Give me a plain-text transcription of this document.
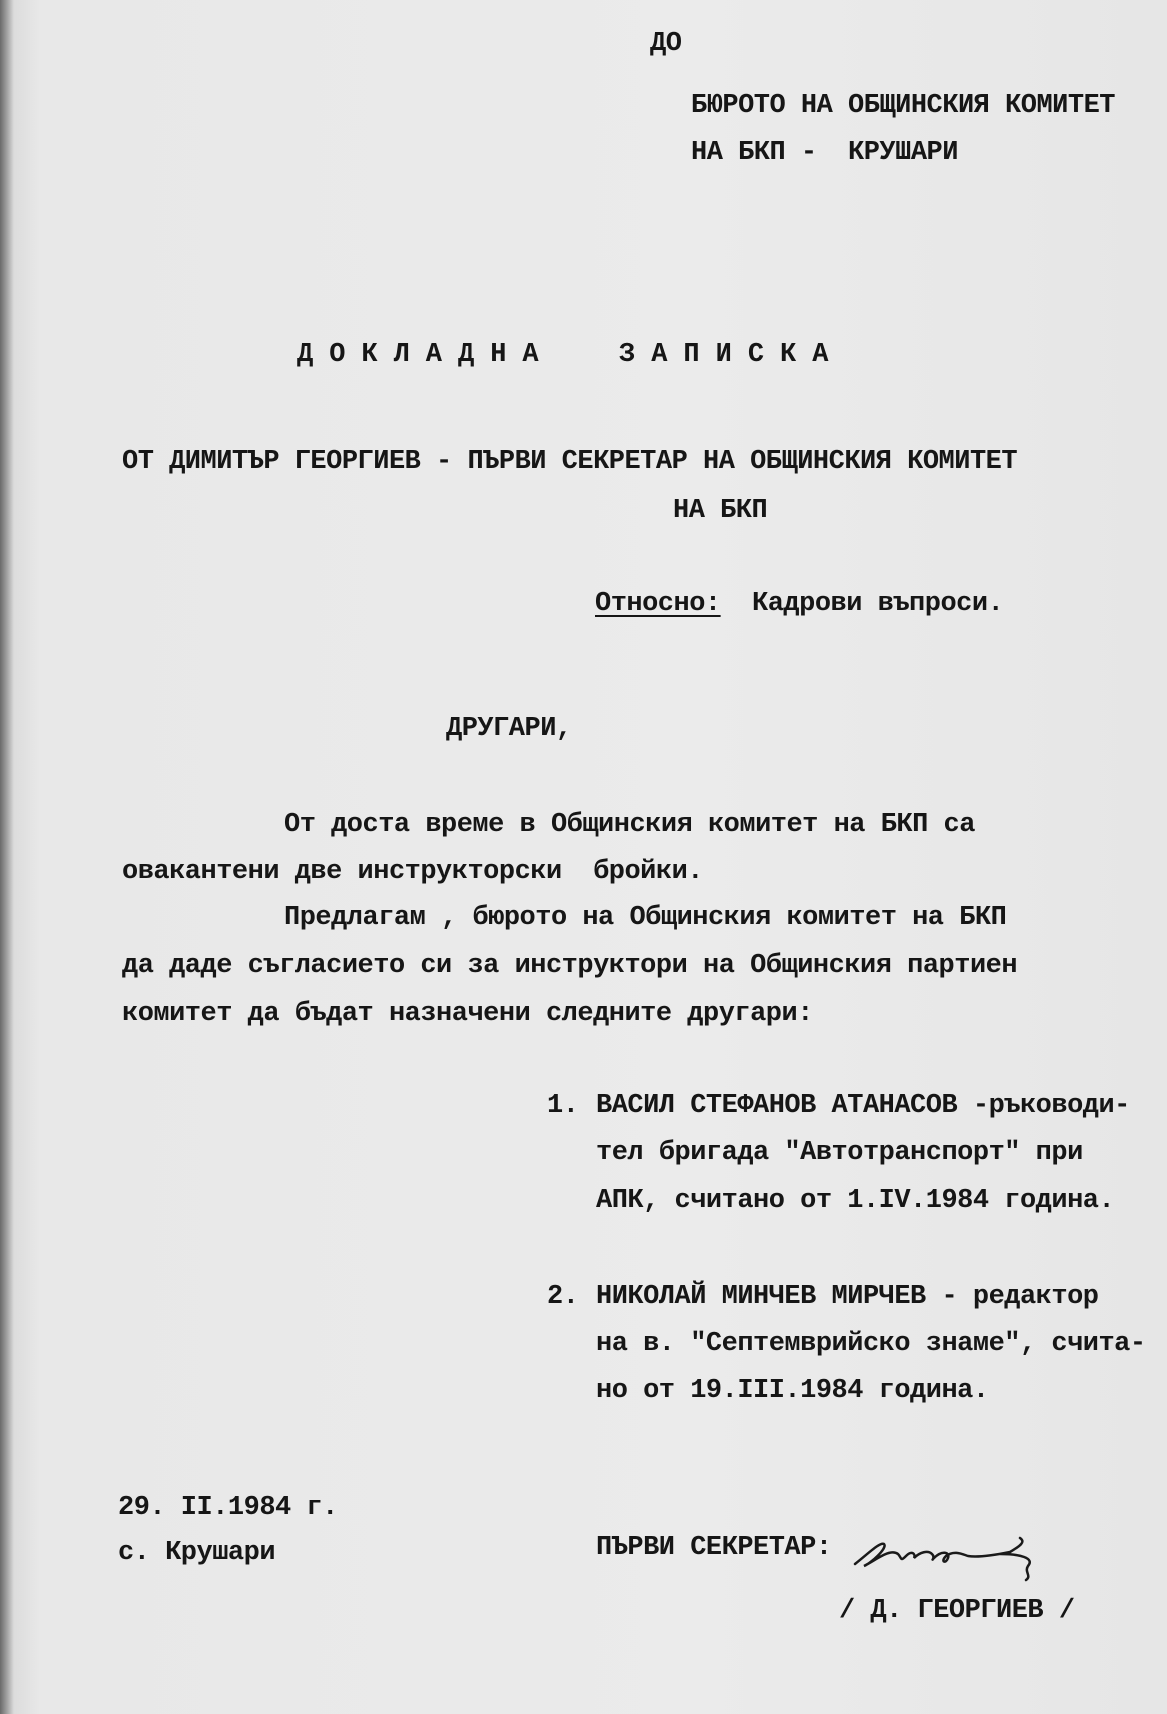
ДО
БЮРОТО НА ОБЩИНСКИЯ КОМИТЕТ
НА БКП -  КРУШАРИ
ДОКЛАДНА  ЗАПИСКА
ОТ ДИМИТЪР ГЕОРГИЕВ - ПЪРВИ СЕКРЕТАР НА ОБЩИНСКИЯ КОМИТЕТ
НА БКП
Относно: Кадрови въпроси.
ДРУГАРИ,
От доста време в Общинския комитет на БКП са
овакантени две инструкторски  бройки.
Предлагам , бюрото на Общинския комитет на БКП
да даде съгласието си за инструктори на Общинския партиен
комитет да бъдат назначени следните другари:
1. ВАСИЛ СТЕФАНОВ АТАНАСОВ -ръководи-
тел бригада "Автотранспорт" при
АПК, считано от 1.IV.1984 година.
2. НИКОЛАЙ МИНЧЕВ МИРЧЕВ - редактор
на в. "Септемврийско знаме", счита-
но от 19.III.1984 година.
29. II.1984 г.
с. Крушари	ПЪРВИ СЕКРЕТАР:
/ Д. ГЕОРГИЕВ /
